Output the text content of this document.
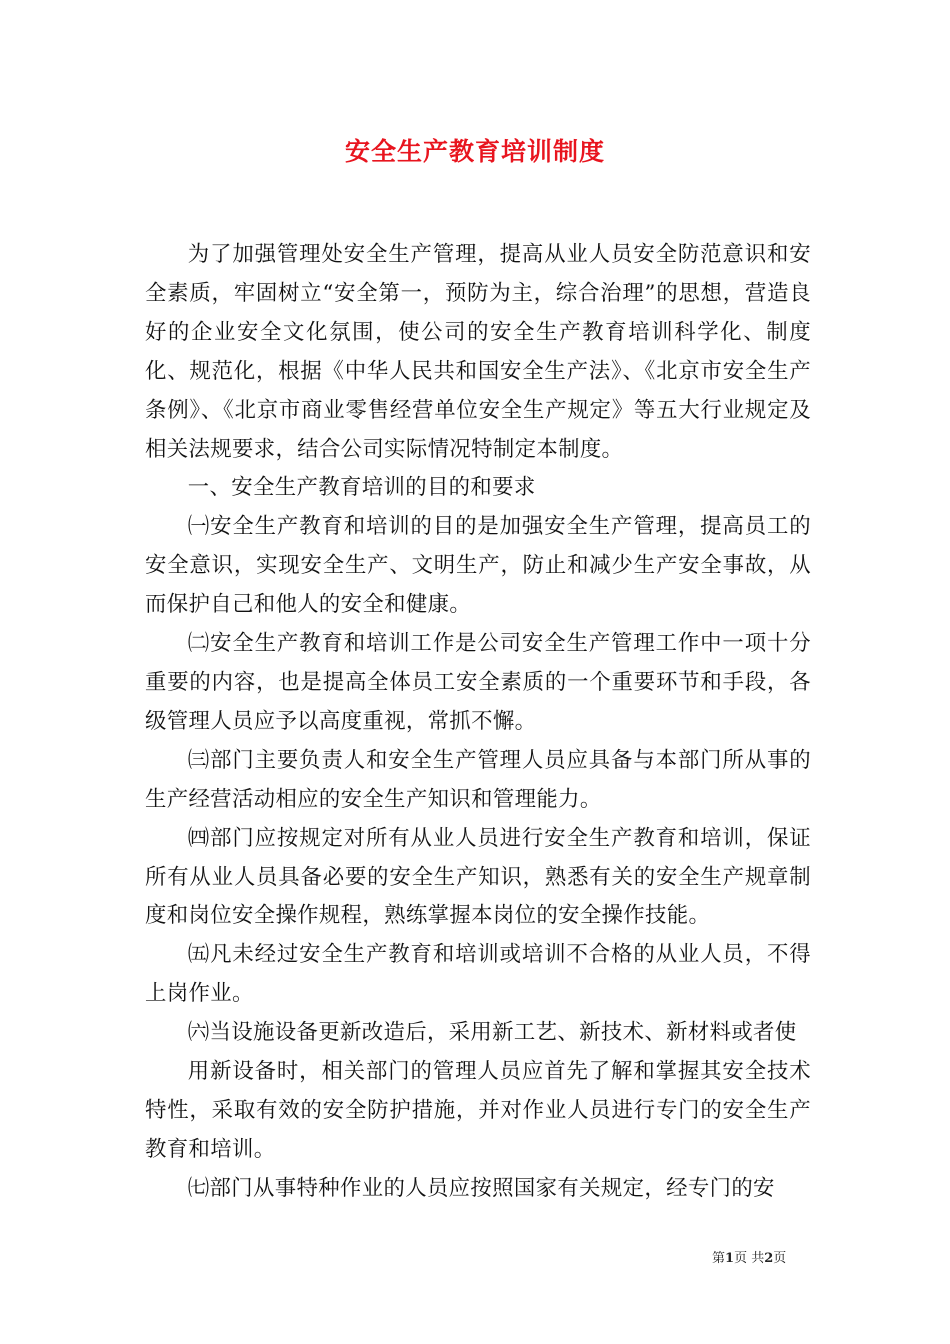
安全生产教育培训制度

为了加强管理处安全生产管理，提高从业人员安全防范意识和安全素质，牢固树立“安全第一，预防为主，综合治理”的思想，营造良好的企业安全文化氛围，使公司的安全生产教育培训科学化、制度化、规范化，根据《中华人民共和国安全生产法》、《北京市安全生产条例》、《北京市商业零售经营单位安全生产规定》等五大行业规定及相关法规要求，结合公司实际情况特制定本制度。

一、安全生产教育培训的目的和要求

㈠安全生产教育和培训的目的是加强安全生产管理，提高员工的安全意识，实现安全生产、文明生产，防止和减少生产安全事故，从而保护自己和他人的安全和健康。

㈡安全生产教育和培训工作是公司安全生产管理工作中一项十分重要的内容，也是提高全体员工安全素质的一个重要环节和手段，各级管理人员应予以高度重视，常抓不懈。

㈢部门主要负责人和安全生产管理人员应具备与本部门所从事的生产经营活动相应的安全生产知识和管理能力。

㈣部门应按规定对所有从业人员进行安全生产教育和培训，保证所有从业人员具备必要的安全生产知识，熟悉有关的安全生产规章制度和岗位安全操作规程，熟练掌握本岗位的安全操作技能。

㈤凡未经过安全生产教育和培训或培训不合格的从业人员，不得上岗作业。

㈥当设施设备更新改造后，采用新工艺、新技术、新材料或者使

用新设备时，相关部门的管理人员应首先了解和掌握其安全技术特性，采取有效的安全防护措施，并对作业人员进行专门的安全生产教育和培训。

㈦部门从事特种作业的人员应按照国家有关规定，经专门的安

第1页 共2页
